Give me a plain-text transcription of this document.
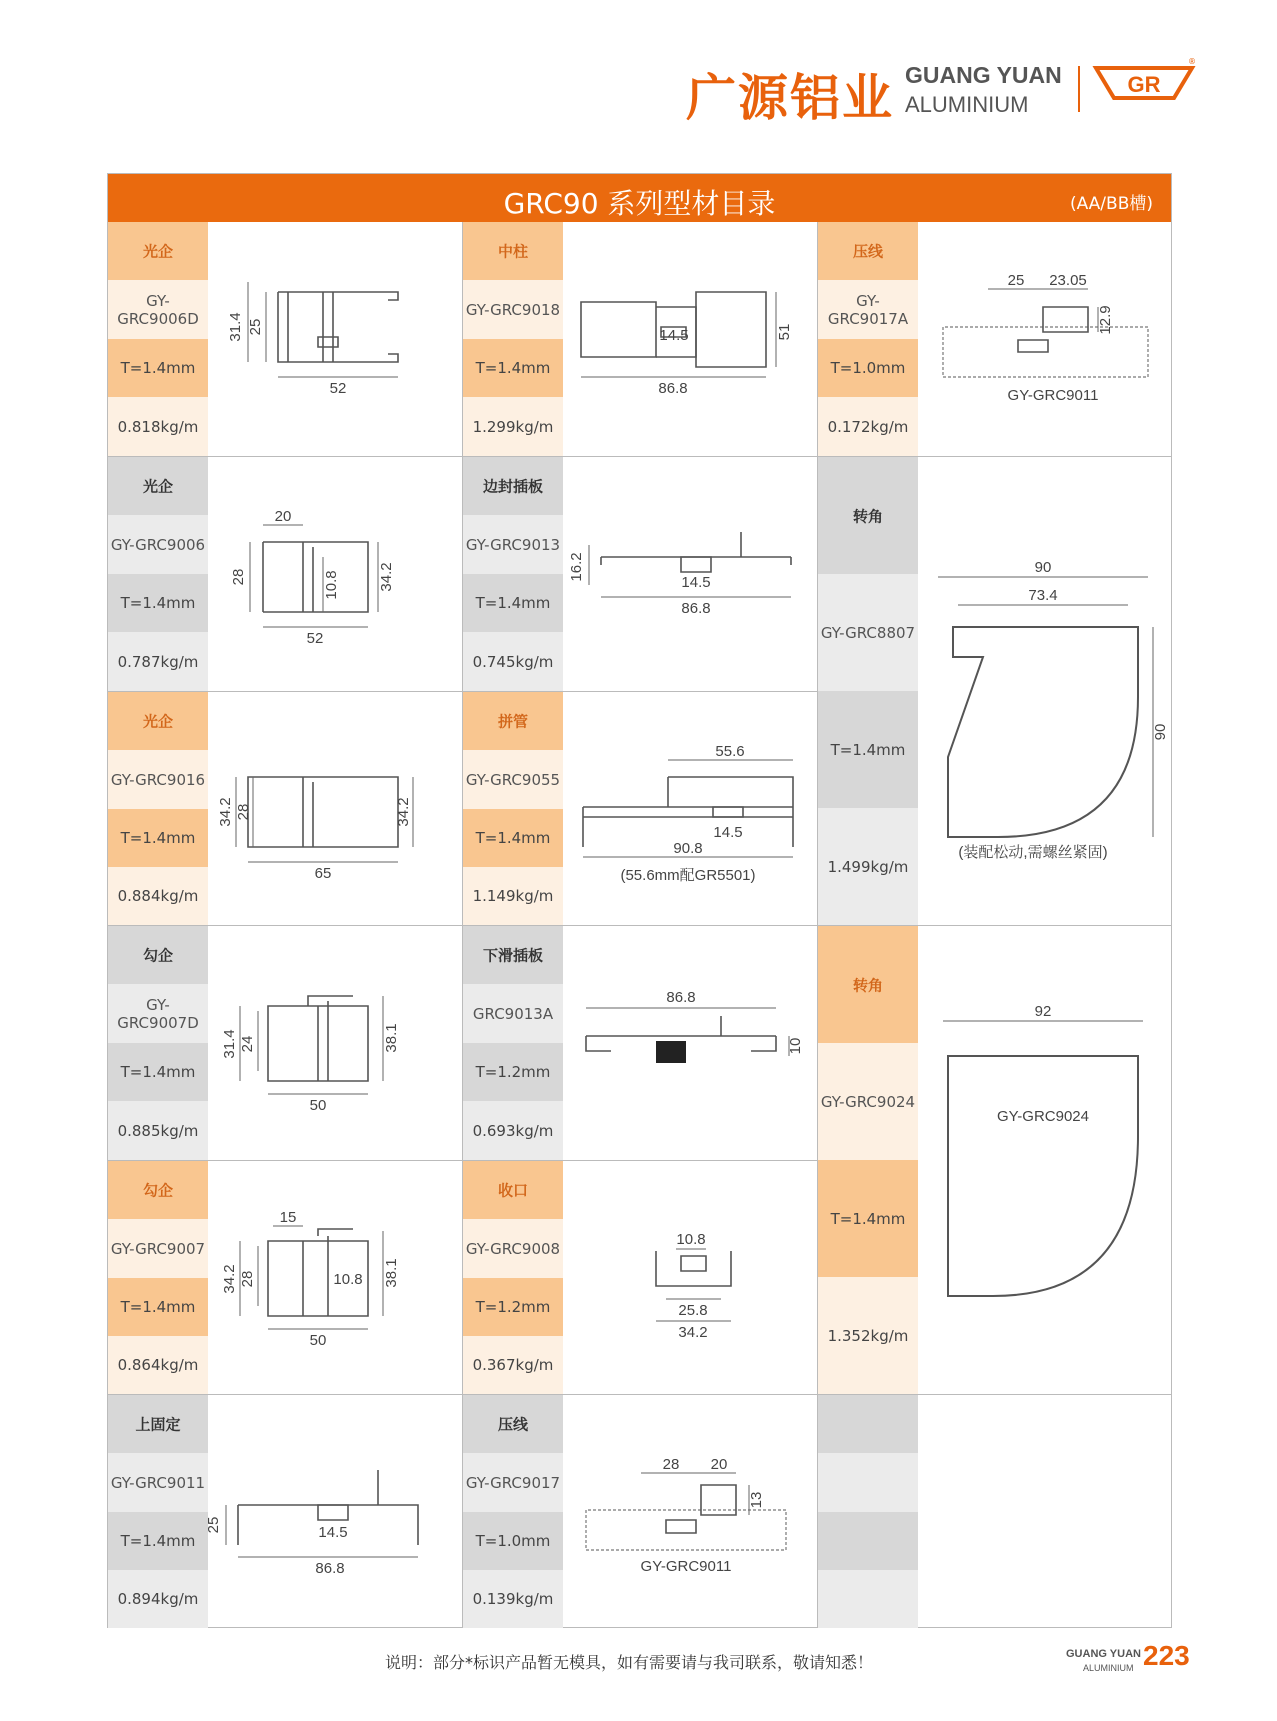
广源铝业 GUANG YUAN
ALUMINIUM
GR
®
GRC90 系列型材目录	(AA/BB槽)
光企
GY-GRC9006D
T=1.4mm
0.818kg/m
31.4 25
52
中柱
GY-GRC9018
T=1.4mm
1.299kg/m
14.5	51
86.8
压线
GY-GRC9017A
T=1.0mm
0.172kg/m
25 23.05
12.9
GY-GRC9011
光企
GY-GRC9006
T=1.4mm
0.787kg/m
20
28	10.8	34.2
52
边封插板
GY-GRC9013
T=1.4mm
0.745kg/m
16.2
14.5
86.8
转角
GY-GRC8807
T=1.4mm
1.499kg/m
90
73.4
90
(装配松动,需螺丝紧固)
光企
GY-GRC9016
T=1.4mm
0.884kg/m
34.2 28	34.2
65
拼管
GY-GRC9055
T=1.4mm
1.149kg/m
55.6
14.5
90.8
(55.6mm配GR5501)
勾企
GY-GRC9007D
T=1.4mm
0.885kg/m
31.4 24	38.1
50
下滑插板
GRC9013A
T=1.2mm
0.693kg/m
86.8
10
转角
GY-GRC9024
T=1.4mm
1.352kg/m
92
GY-GRC9024
勾企
GY-GRC9007
T=1.4mm
0.864kg/m
15
34.2 28	10.8 38.1
50
收口
GY-GRC9008
T=1.2mm
0.367kg/m
10.8
25.8
34.2
上固定
GY-GRC9011
T=1.4mm
0.894kg/m
25	14.5
86.8
压线
GY-GRC9017
T=1.0mm
0.139kg/m
28 20
13
GY-GRC9011
说明：部分*标识产品暂无模具，如有需要请与我司联系，敬请知悉！	GUANG YUAN
ALUMINIUM 223
